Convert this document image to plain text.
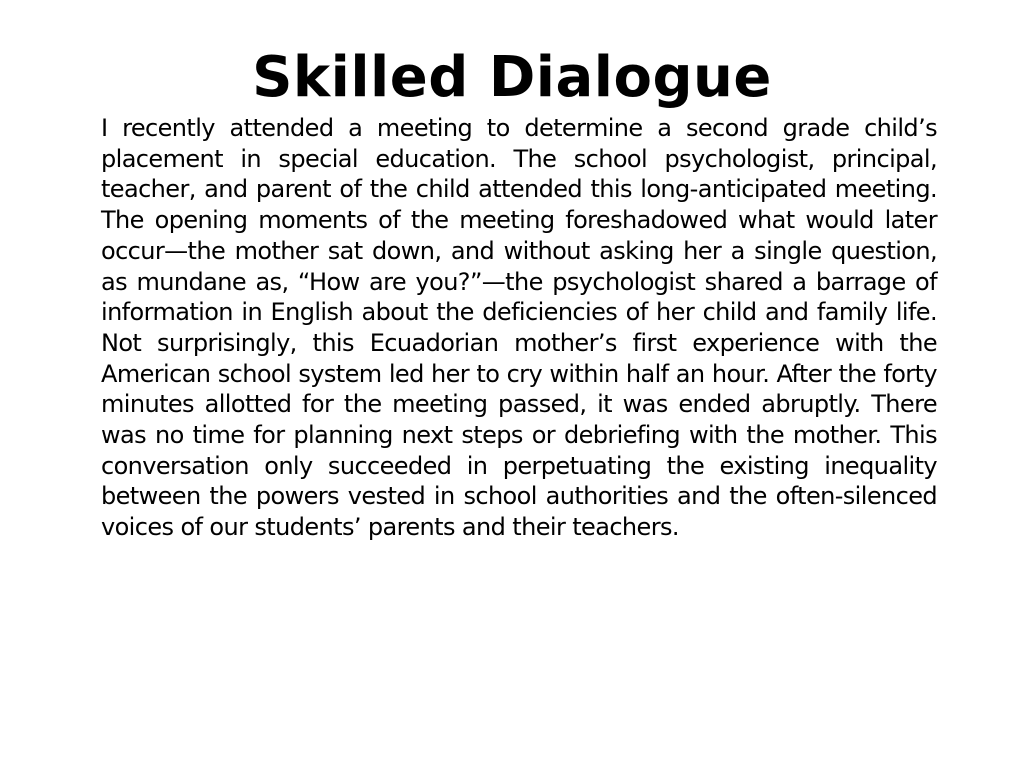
Skilled Dialogue

I recently attended a meeting to determine a second grade child’s placement in special education. The school psychologist, principal, teacher, and parent of the child attended this long-anticipated meeting. The opening moments of the meeting foreshadowed what would later occur—the mother sat down, and without asking her a single question, as mundane as, “How are you?”—the psychologist shared a barrage of information in English about the deficiencies of her child and family life. Not surprisingly, this Ecuadorian mother’s first experience with the American school system led her to cry within half an hour. After the forty minutes allotted for the meeting passed, it was ended abruptly. There was no time for planning next steps or debriefing with the mother. This conversation only succeeded in perpetuating the existing inequality between the powers vested in school authorities and the often-silenced voices of our students’ parents and their teachers.
